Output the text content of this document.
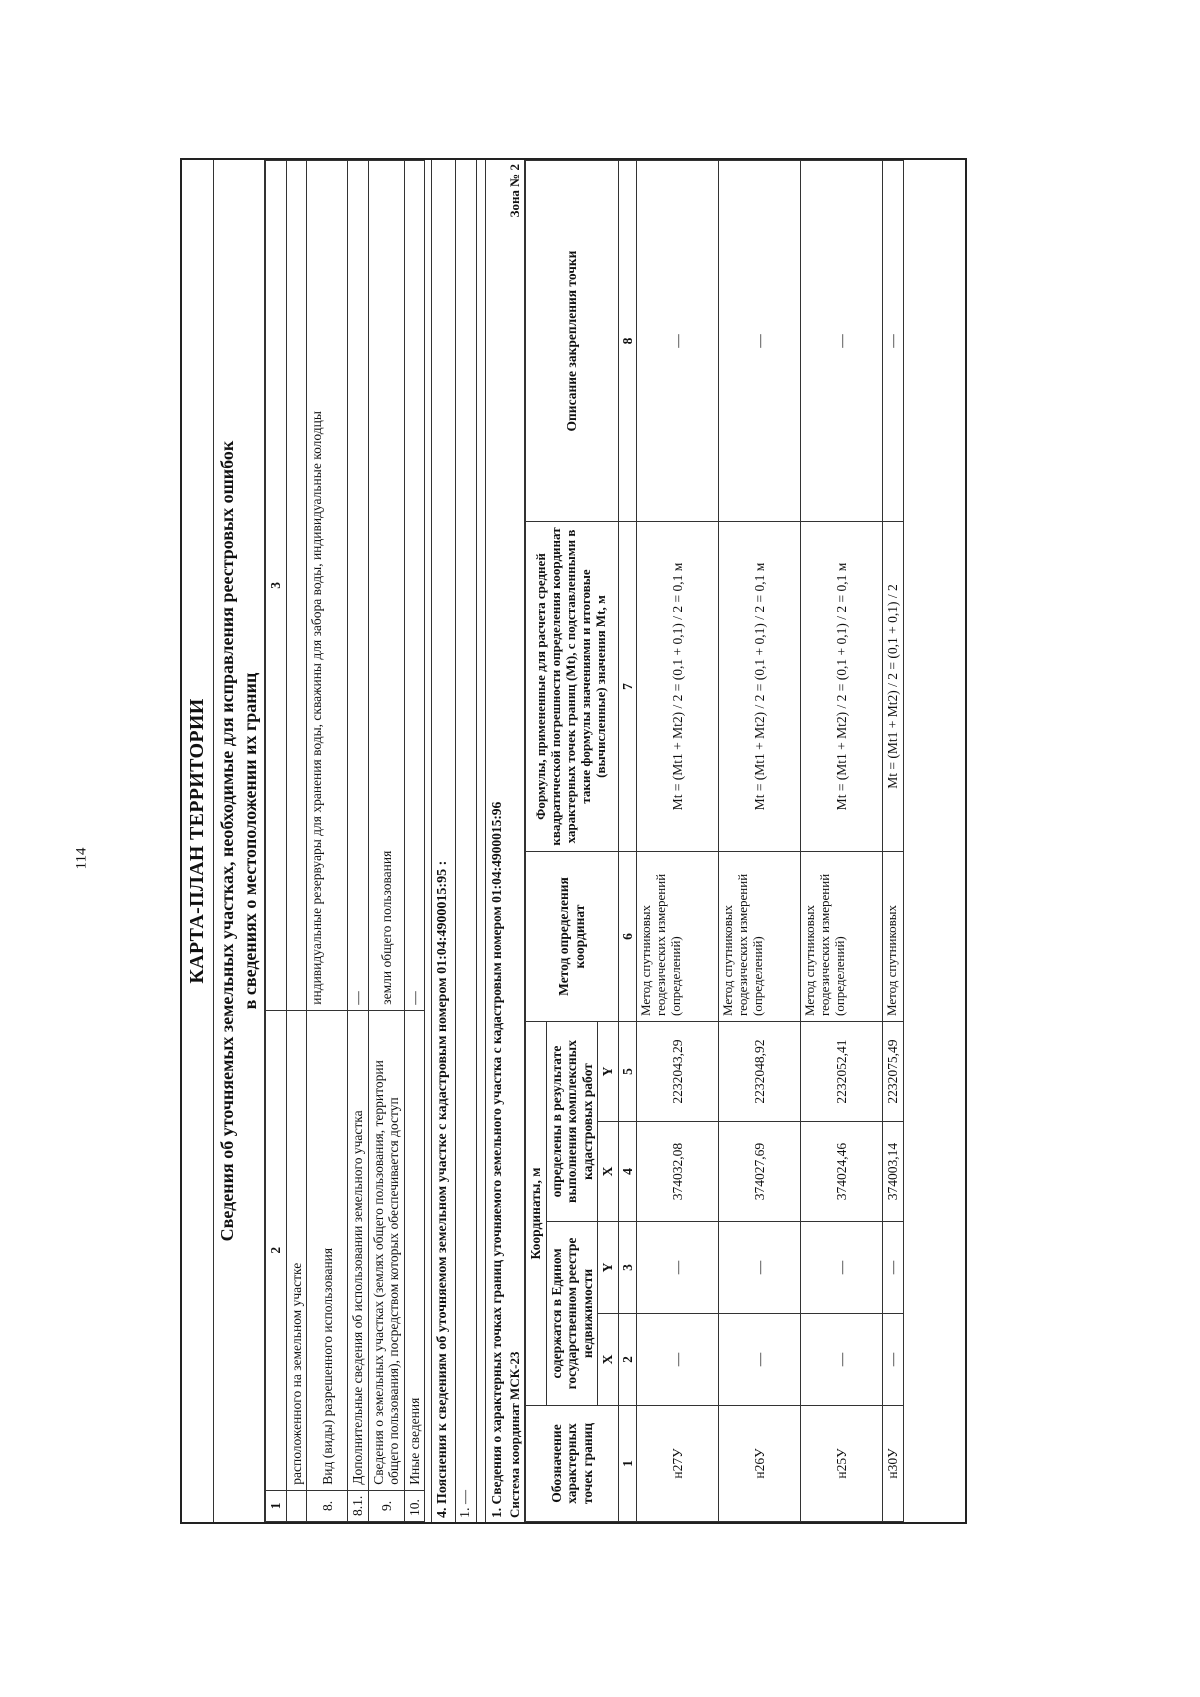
114	КАРТА-ПЛАН ТЕРРИТОРИИ Сведения об уточняемых земельных участках, необходимые для исправления реестровых ошибок в сведениях о местоположении их границ
1	2	3
	расположенного на земельном участке	
8.	Вид (виды) разрешенного использования	индивидуальные резервуары для хранения воды, скважины для забора воды, индивидуальные колодцы
8.1.	Дополнительные сведения об использовании земельного участка	—
9.	Сведения о земельных участках (землях общего пользования, территории общего пользования), посредством которых обеспечивается доступ	земли общего пользования
10.	Иные сведения	— 4. Пояснения к сведениям об уточняемом земельном участке с кадастровым номером 01:04:4900015:95 : 1. — 1. Сведения о характерных точках границ уточняемого земельного участка с кадастровым номером 01:04:4900015:96 Система координат МСК-23
Зона № 2
Обозначение характерных точек границ	Координаты, м				Метод определения координат	Формулы, примененные для расчета средней квадратической погрешности определения координат характерных точек границ (Mt), с подставленными в такие формулы значениями и итоговые (вычисленные) значения Mt, м	Описание закрепления точки
	содержатся в Едином государственном реестре недвижимости		определены в результате выполнения комплексных кадастровых работ				
	X	Y	X	Y			
1	2	3	4	5	6	7	8
н27У	—	—	374032,08	2232043,29	Метод спутниковых геодезических измерений (определений)	Mt = (Mt1 + Mt2) / 2 = (0,1 + 0,1) / 2 = 0,1 м	—
н26У	—	—	374027,69	2232048,92	Метод спутниковых геодезических измерений (определений)	Mt = (Mt1 + Mt2) / 2 = (0,1 + 0,1) / 2 = 0,1 м	—
н25У	—	—	374024,46	2232052,41	Метод спутниковых геодезических измерений (определений)	Mt = (Mt1 + Mt2) / 2 = (0,1 + 0,1) / 2 = 0,1 м	—
н30У	—	—	374003,14	2232075,49	Метод спутниковых	Mt = (Mt1 + Mt2) / 2 = (0,1 + 0,1) / 2	—
